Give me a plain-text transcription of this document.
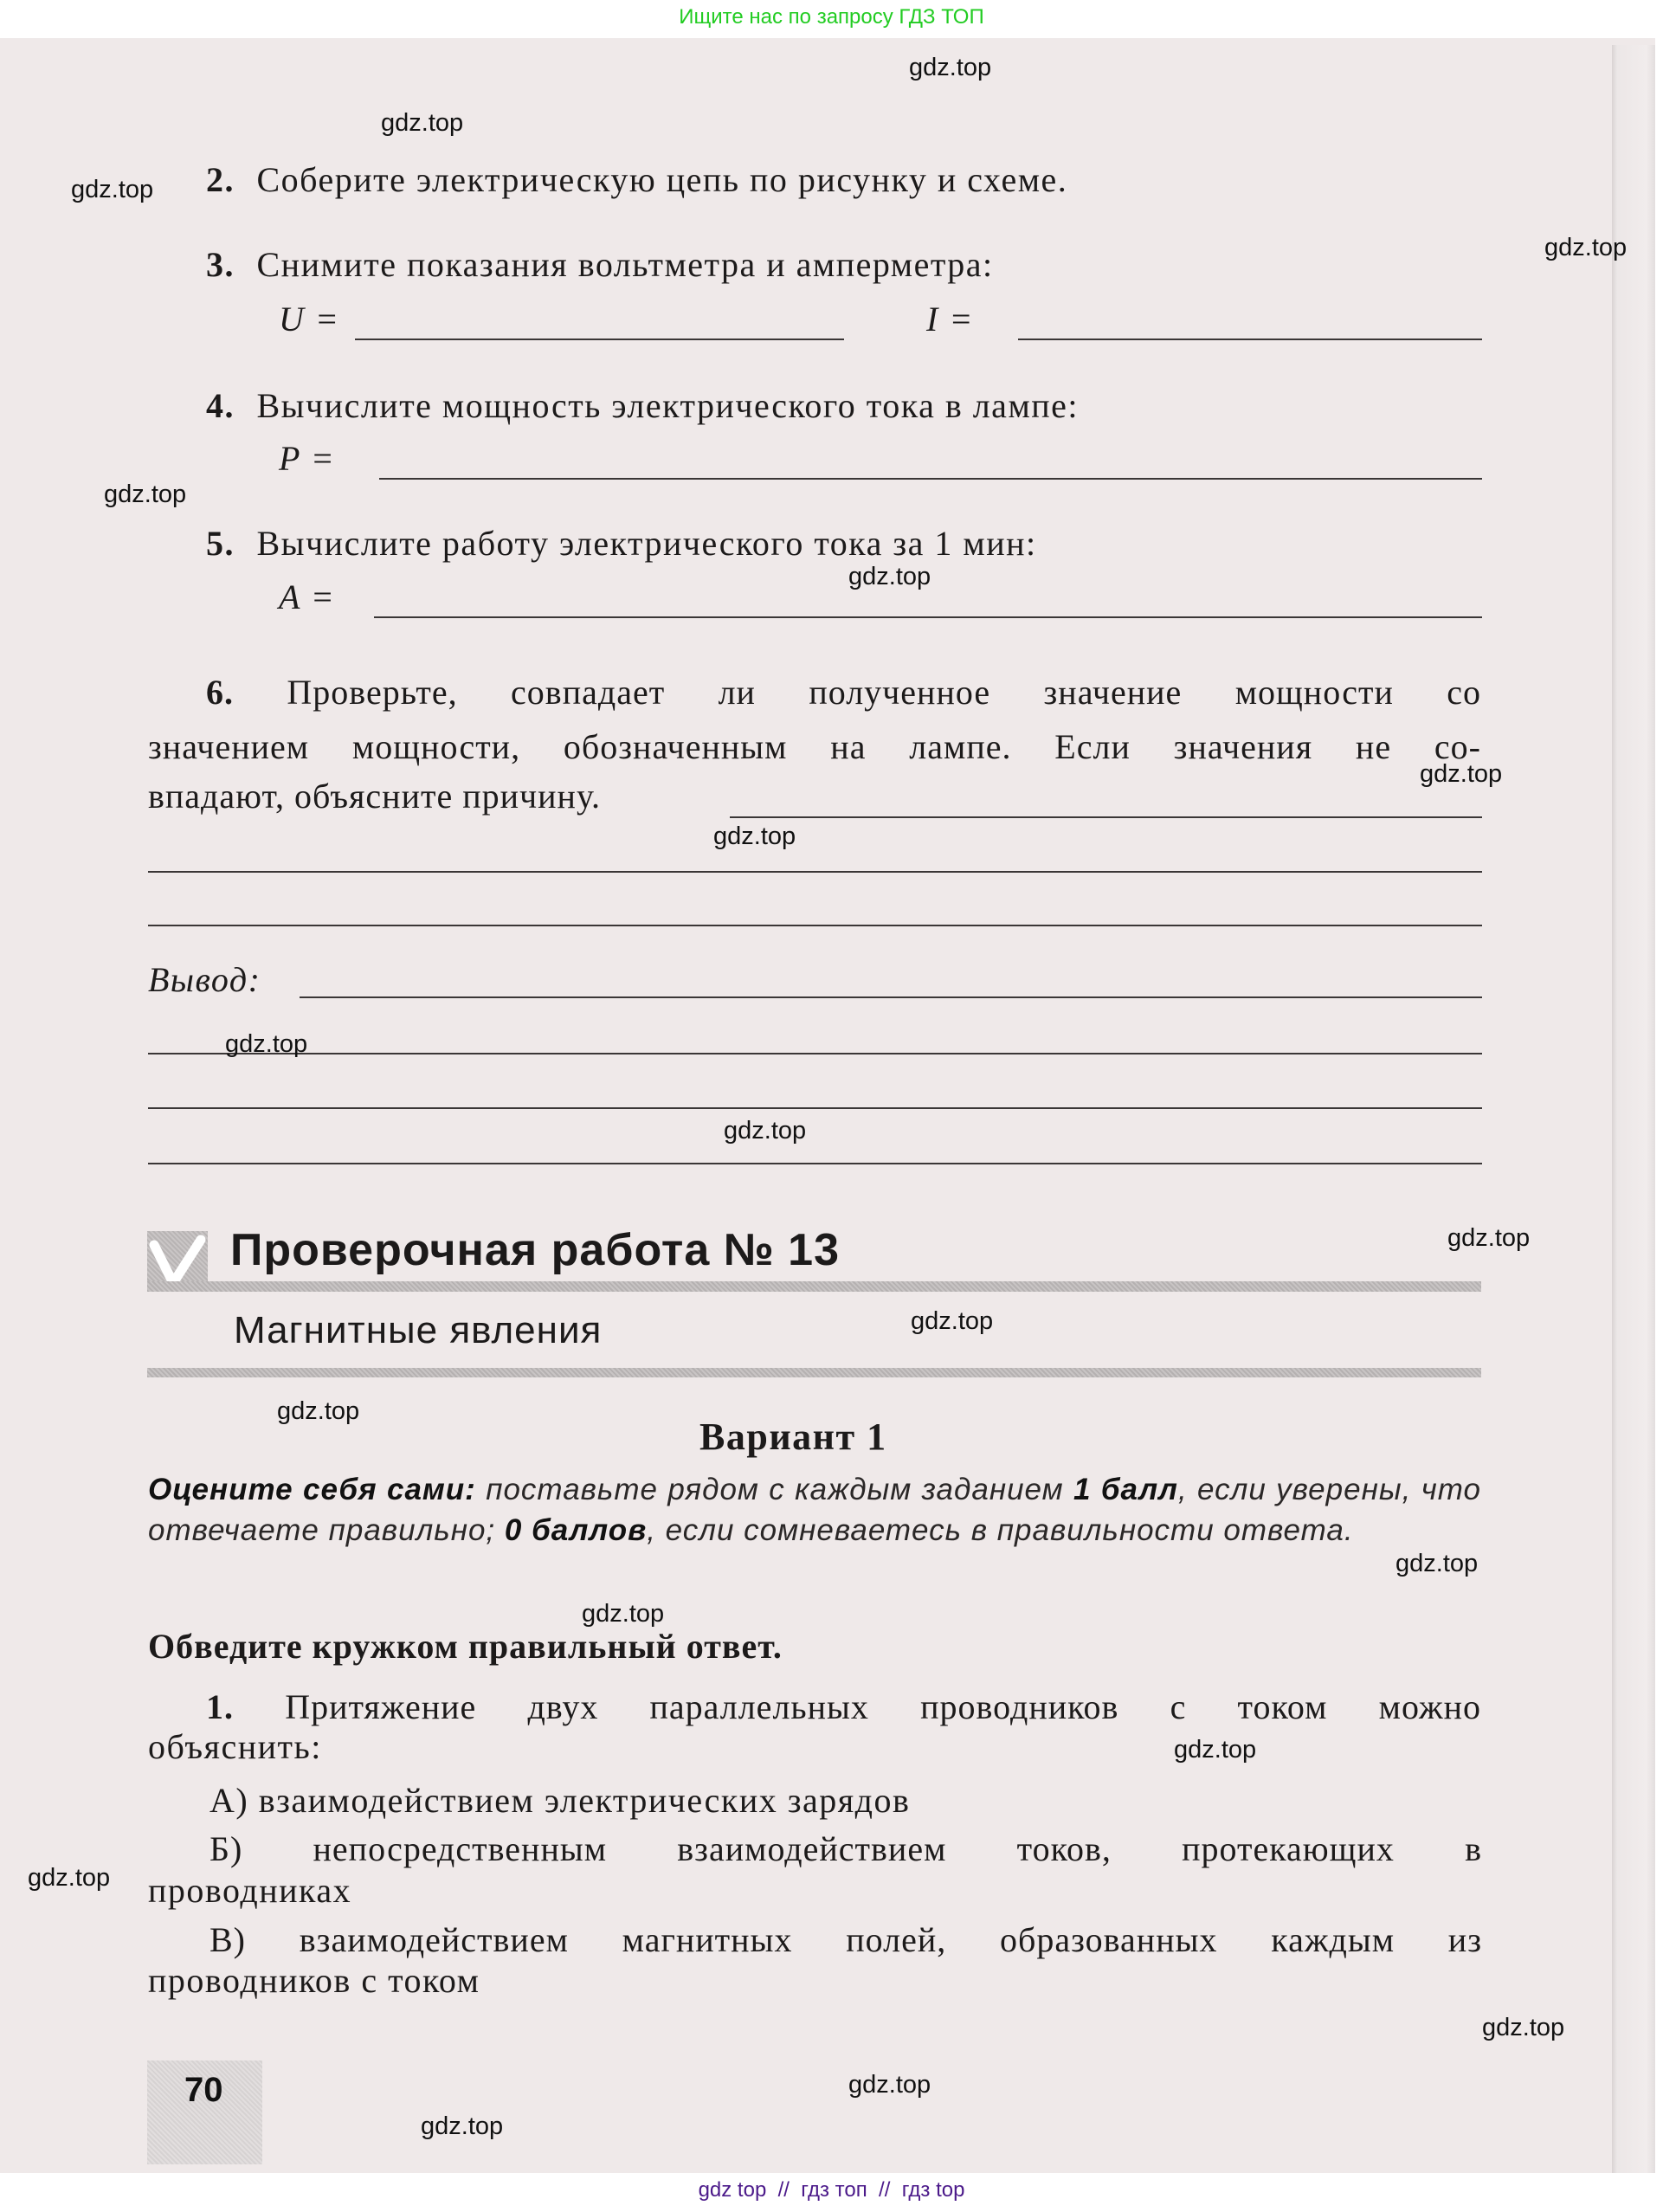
Ищите нас по запросу ГДЗ ТОП
2. Соберите электрическую цепь по рисунку и схеме.
3. Снимите показания вольтметра и амперметра:
U =	I =
4. Вычислите мощность электрического тока в лампе:
P =
5. Вычислите работу электрического тока за 1 мин:
A =
6. Проверьте, совпадает ли полученное значение мощности со
значением мощности, обозначенным на лампе. Если значения не со-
впадают, объясните причину.
Вывод:
Проверочная работа № 13
Магнитные явления
Вариант 1
Оцените себя сами: поставьте рядом с каждым заданием 1 балл, если уверены, что отвечаете правильно; 0 баллов, если сомневаетесь в правильности ответа.
Обведите кружком правильный ответ.
1. Притяжение двух параллельных проводников с током можно
объяснить:
А) взаимодействием электрических зарядов
Б) непосредственным взаимодействием токов, протекающих в
проводниках
В) взаимодействием магнитных полей, образованных каждым из
проводников с током
70
gdz.top
gdz.top
gdz.top
gdz.top
gdz.top
gdz.top
gdz.top
gdz.top
gdz.top
gdz.top
gdz.top
gdz.top
gdz.top
gdz.top
gdz.top
gdz.top
gdz.top
gdz.top
gdz.top
gdz.top
gdz top  //  гдз топ  //  гдз top
